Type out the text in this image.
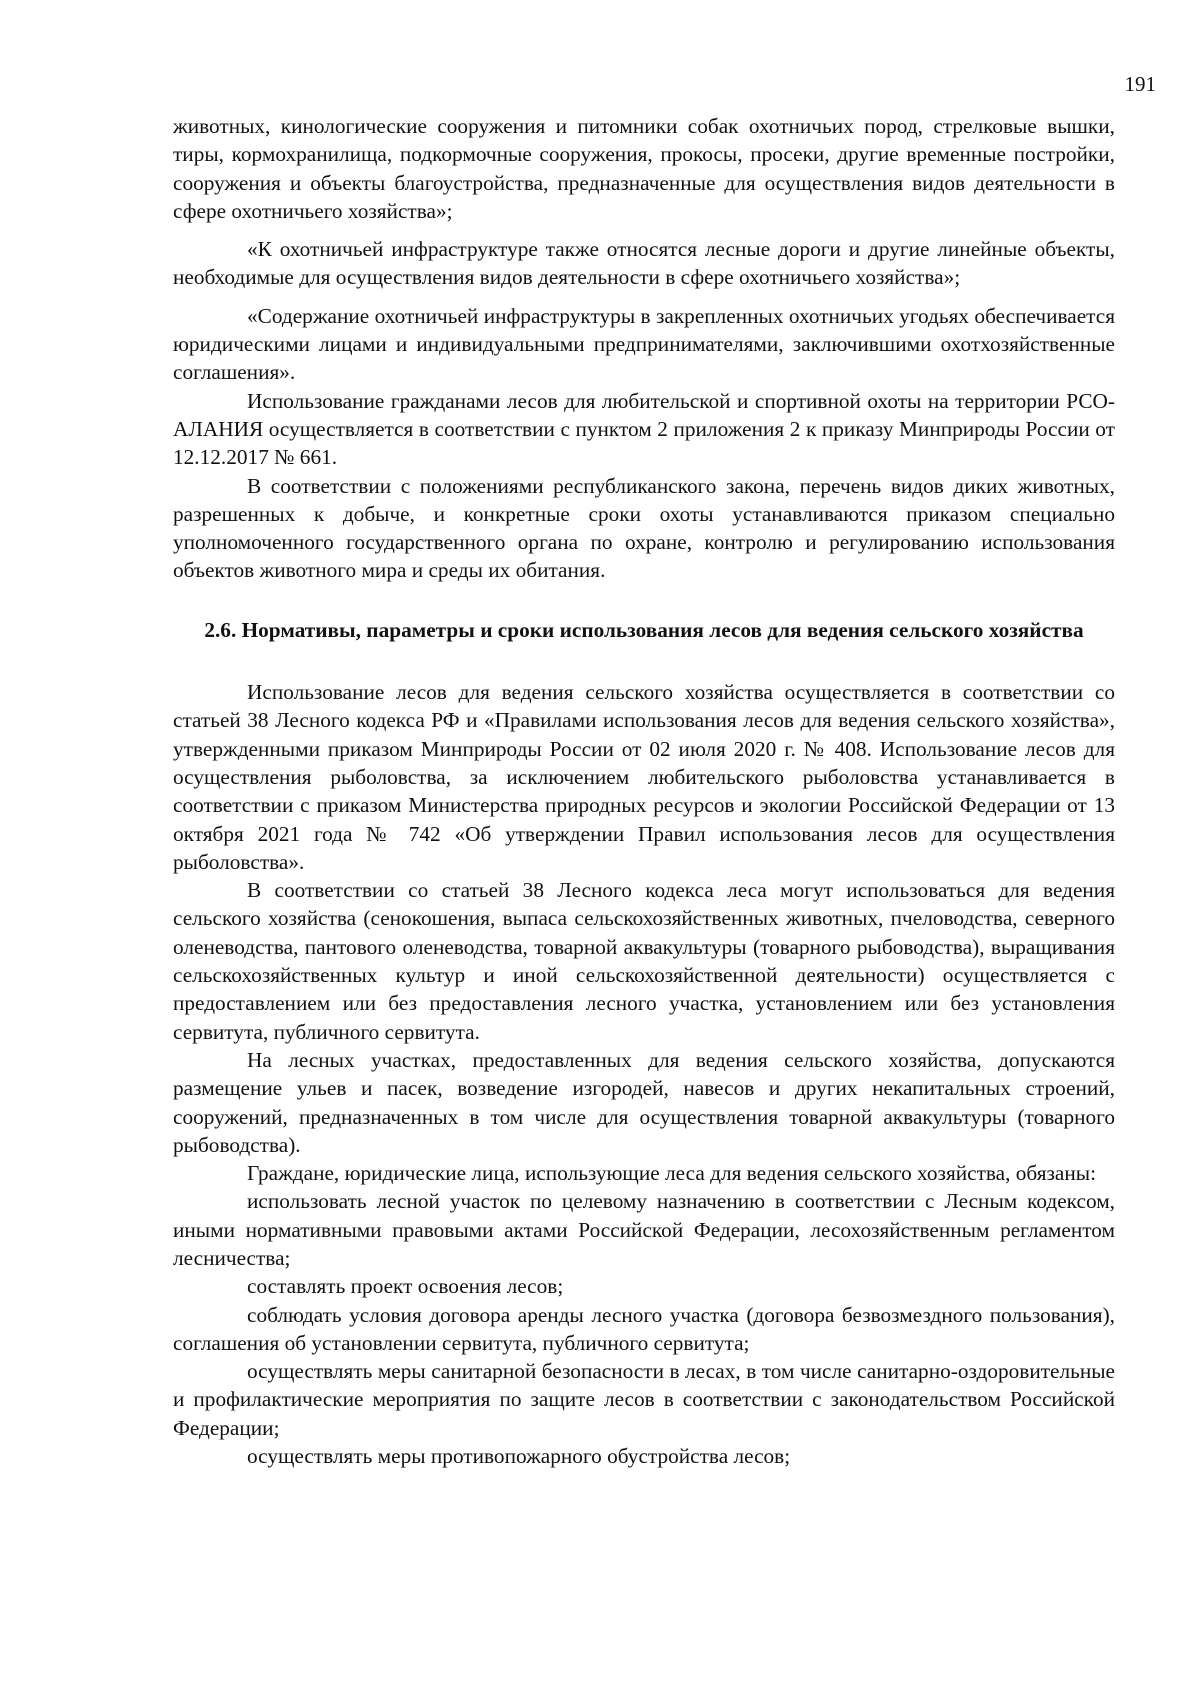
191

животных, кинологические сооружения и питомники собак охотничьих пород, стрелковые вышки, тиры, кормохранилища, подкормочные сооружения, прокосы, просеки, другие временные постройки, сооружения и объекты благоустройства, предназначенные для осуществления видов деятельности в сфере охотничьего хозяйства»;

«К охотничьей инфраструктуре также относятся лесные дороги и другие линейные объекты, необходимые для осуществления видов деятельности в сфере охотничьего хозяйства»;

«Содержание охотничьей инфраструктуры в закрепленных охотничьих угодьях обеспечивается юридическими лицами и индивидуальными предпринимателями, заключившими охотхозяйственные соглашения».

Использование гражданами лесов для любительской и спортивной охоты на территории РСО-АЛАНИЯ осуществляется в соответствии с пунктом 2 приложения 2 к приказу Минприроды России от 12.12.2017 № 661.

В соответствии с положениями республиканского закона, перечень видов диких животных, разрешенных к добыче, и конкретные сроки охоты устанавливаются приказом специально уполномоченного государственного органа по охране, контролю и регулированию использования объектов животного мира и среды их обитания.

2.6. Нормативы, параметры и сроки использования лесов для ведения сельского хозяйства

Использование лесов для ведения сельского хозяйства осуществляется в соответствии со статьей 38 Лесного кодекса РФ и «Правилами использования лесов для ведения сельского хозяйства», утвержденными приказом Минприроды России от 02 июля 2020 г. № 408. Использование лесов для осуществления рыболовства, за исключением любительского рыболовства устанавливается в соответствии с приказом Министерства природных ресурсов и экологии Российской Федерации от 13 октября 2021 года № 742 «Об утверждении Правил использования лесов для осуществления рыболовства».

В соответствии со статьей 38 Лесного кодекса леса могут использоваться для ведения сельского хозяйства (сенокошения, выпаса сельскохозяйственных животных, пчеловодства, северного оленеводства, пантового оленеводства, товарной аквакультуры (товарного рыбоводства), выращивания сельскохозяйственных культур и иной сельскохозяйственной деятельности) осуществляется с предоставлением или без предоставления лесного участка, установлением или без установления сервитута, публичного сервитута.

На лесных участках, предоставленных для ведения сельского хозяйства, допускаются размещение ульев и пасек, возведение изгородей, навесов и других некапитальных строений, сооружений, предназначенных в том числе для осуществления товарной аквакультуры (товарного рыбоводства).

Граждане, юридические лица, использующие леса для ведения сельского хозяйства, обязаны:

использовать лесной участок по целевому назначению в соответствии с Лесным кодексом, иными нормативными правовыми актами Российской Федерации, лесохозяйственным регламентом лесничества;

составлять проект освоения лесов;

соблюдать условия договора аренды лесного участка (договора безвозмездного пользования), соглашения об установлении сервитута, публичного сервитута;

осуществлять меры санитарной безопасности в лесах, в том числе санитарно-оздоровительные и профилактические мероприятия по защите лесов в соответствии с законодательством Российской Федерации;

осуществлять меры противопожарного обустройства лесов;
